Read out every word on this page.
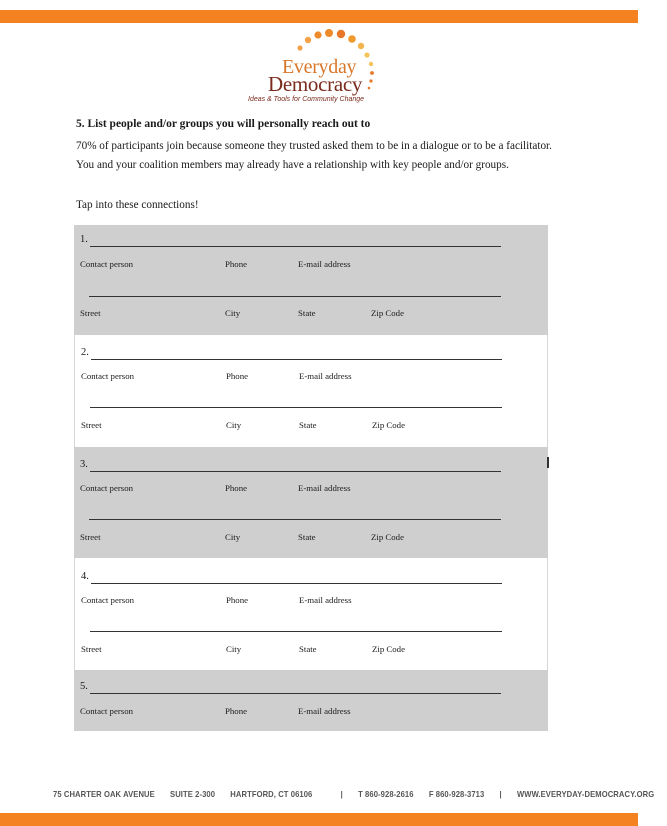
Everyday
Democracy
Ideas & Tools for Community Change
5. List people and/or groups you will personally reach out to

70% of participants join because someone they trusted asked them to be in a dialogue or to be a facilitator. You and your coalition members may already have a relationship with key people and/or groups.

Tap into these connections!

1.
Contact person	Phone	E-mail address
Street	City	State	Zip Code
2.
Contact person	Phone	E-mail address
Street	City	State	Zip Code
3.
Contact person	Phone	E-mail address
Street	City	State	Zip Code
4.
Contact person	Phone	E-mail address
Street	City	State	Zip Code
5.
Contact person	Phone	E-mail address
75 CHARTER OAK AVENUE SUITE 2-300 HARTFORD, CT 06106	| T 860-928-2616 F 860-928-3713 | WWW.EVERYDAY-DEMOCRACY.ORG
